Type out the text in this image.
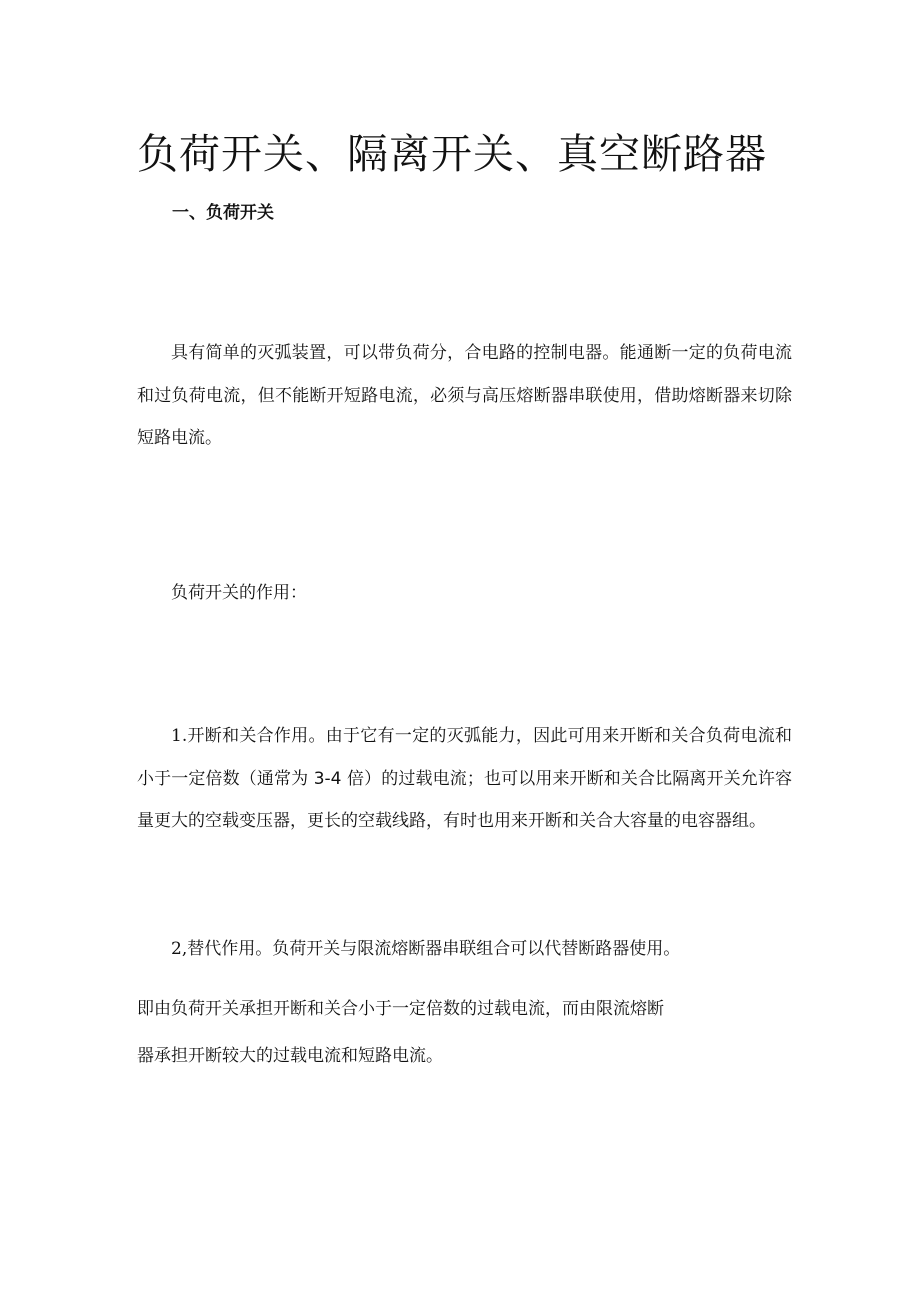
负荷开关、隔离开关、真空断路器
一、负荷开关

具有简单的灭弧装置，可以带负荷分，合电路的控制电器。能通断一定的负荷电流和过负荷电流，但不能断开短路电流，必须与高压熔断器串联使用，借助熔断器来切除短路电流。

负荷开关的作用：

1.开断和关合作用。由于它有一定的灭弧能力，因此可用来开断和关合负荷电流和小于一定倍数（通常为 3-4 倍）的过载电流；也可以用来开断和关合比隔离开关允许容量更大的空载变压器，更长的空载线路，有时也用来开断和关合大容量的电容器组。

2,替代作用。负荷开关与限流熔断器串联组合可以代替断路器使用。

即由负荷开关承担开断和关合小于一定倍数的过载电流，而由限流熔断

器承担开断较大的过载电流和短路电流。
